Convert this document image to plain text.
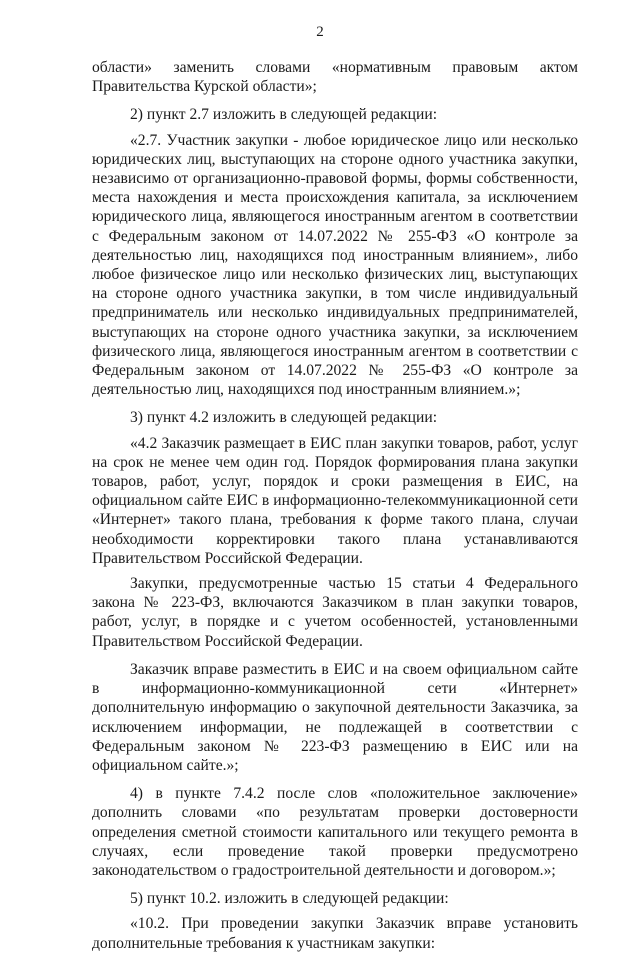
2

области» заменить словами «нормативным правовым актом Правительства Курской области»;

2) пункт 2.7 изложить в следующей редакции:

«2.7. Участник закупки - любое юридическое лицо или несколько юридических лиц, выступающих на стороне одного участника закупки, независимо от организационно-правовой формы, формы собственности, места нахождения и места происхождения капитала, за исключением юридического лица, являющегося иностранным агентом в соответствии с Федеральным законом от 14.07.2022 № 255-ФЗ «О контроле за деятельностью лиц, находящихся под иностранным влиянием», либо любое физическое лицо или несколько физических лиц, выступающих на стороне одного участника закупки, в том числе индивидуальный предприниматель или несколько индивидуальных предпринимателей, выступающих на стороне одного участника закупки, за исключением физического лица, являющегося иностранным агентом в соответствии с Федеральным законом от 14.07.2022 № 255-ФЗ «О контроле за деятельностью лиц, находящихся под иностранным влиянием.»;

3) пункт 4.2 изложить в следующей редакции:

«4.2 Заказчик размещает в ЕИС план закупки товаров, работ, услуг на срок не менее чем один год. Порядок формирования плана закупки товаров, работ, услуг, порядок и сроки размещения в ЕИС, на официальном сайте ЕИС в информационно-телекоммуникационной сети «Интернет» такого плана, требования к форме такого плана, случаи необходимости корректировки такого плана устанавливаются Правительством Российской Федерации.

Закупки, предусмотренные частью 15 статьи 4 Федерального закона № 223-ФЗ, включаются Заказчиком в план закупки товаров, работ, услуг, в порядке и с учетом особенностей, установленными Правительством Российской Федерации.

Заказчик вправе разместить в ЕИС и на своем официальном сайте в информационно-коммуникационной сети «Интернет» дополнительную информацию о закупочной деятельности Заказчика, за исключением информации, не подлежащей в соответствии с Федеральным законом № 223-ФЗ размещению в ЕИС или на официальном сайте.»;

4) в пункте 7.4.2 после слов «положительное заключение» дополнить словами «по результатам проверки достоверности определения сметной стоимости капитального или текущего ремонта в случаях, если проведение такой проверки предусмотрено законодательством о градостроительной деятельности и договором.»;

5) пункт 10.2. изложить в следующей редакции:

«10.2. При проведении закупки Заказчик вправе установить дополнительные требования к участникам закупки:
